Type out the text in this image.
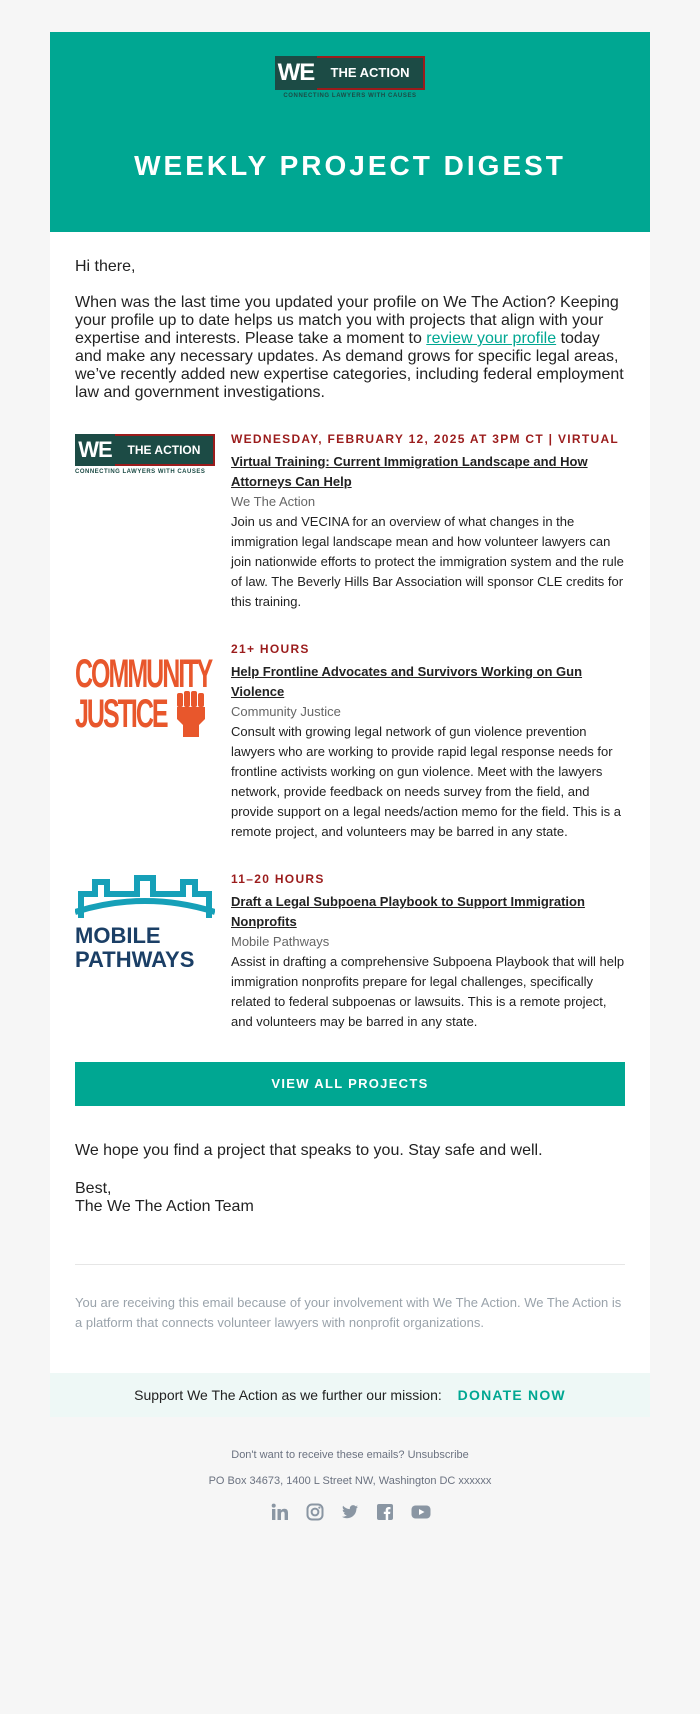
WE	THE ACTION
CONNECTING LAWYERS WITH CAUSES
WEEKLY PROJECT DIGEST

Hi there,

When was the last time you updated your profile on We The Action? Keeping your profile up to date helps us match you with projects that align with your expertise and interests. Please take a moment to review your profile today and make any necessary updates. As demand grows for specific legal areas, we’ve recently added new expertise categories, including federal employment law and government investigations.

WE	THE ACTION
CONNECTING LAWYERS WITH CAUSES

WEDNESDAY, FEBRUARY 12, 2025 AT 3PM CT | VIRTUAL

Virtual Training: Current Immigration Landscape and How Attorneys Can Help

We The Action

Join us and VECINA for an overview of what changes in the immigration legal landscape mean and how volunteer lawyers can join nationwide efforts to protect the immigration system and the rule of law. The Beverly Hills Bar Association will sponsor CLE credits for this training.

COMMUNITY
JUSTICE

21+ HOURS

Help Frontline Advocates and Survivors Working on Gun Violence

Community Justice

Consult with growing legal network of gun violence prevention lawyers who are working to provide rapid legal response needs for frontline activists working on gun violence. Meet with the lawyers network, provide feedback on needs survey from the field, and provide support on a legal needs/action memo for the field. This is a remote project, and volunteers may be barred in any state.

MOBILE
PATHWAYS

11–20 HOURS

Draft a Legal Subpoena Playbook to Support Immigration Nonprofits

Mobile Pathways

Assist in drafting a comprehensive Subpoena Playbook that will help immigration nonprofits prepare for legal challenges, specifically related to federal subpoenas or lawsuits. This is a remote project, and volunteers may be barred in any state.

VIEW ALL PROJECTS

We hope you find a project that speaks to you. Stay safe and well.

Best,
The We The Action Team

You are receiving this email because of your involvement with We The Action. We The Action is a platform that connects volunteer lawyers with nonprofit organizations.

Support We The Action as we further our mission: DONATE NOW
Don't want to receive these emails? Unsubscribe
PO Box 34673, 1400 L Street NW, Washington DC xxxxxx
